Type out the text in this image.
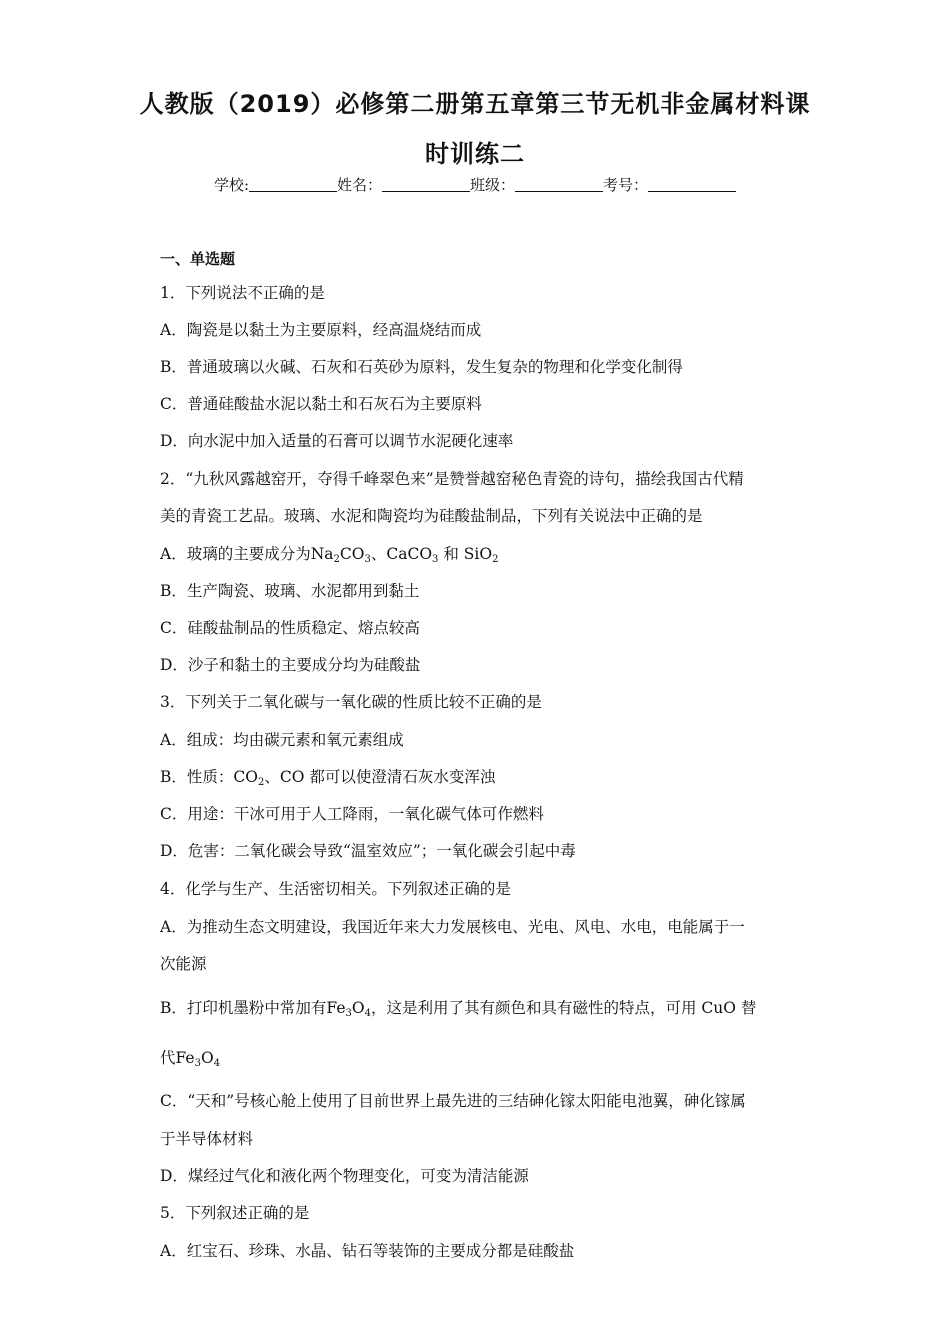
人教版（2019）必修第二册第五章第三节无机非金属材料课
时训练二
学校:	姓名：	班级：	考号：
一、单选题
1．下列说法不正确的是
A．陶瓷是以黏土为主要原料，经高温烧结而成
B．普通玻璃以火碱、石灰和石英砂为原料，发生复杂的物理和化学变化制得
C．普通硅酸盐水泥以黏土和石灰石为主要原料
D．向水泥中加入适量的石膏可以调节水泥硬化速率
2．“九秋风露越窑开，夺得千峰翠色来”是赞誉越窑秘色青瓷的诗句，描绘我国古代精
美的青瓷工艺品。玻璃、水泥和陶瓷均为硅酸盐制品，下列有关说法中正确的是
A．玻璃的主要成分为$Na_2CO_3$、CaCO$_3$ 和 SiO$_2$
B．生产陶瓷、玻璃、水泥都用到黏土
C．硅酸盐制品的性质稳定、熔点较高
D．沙子和黏土的主要成分均为硅酸盐
3．下列关于二氧化碳与一氧化碳的性质比较不正确的是
A．组成：均由碳元素和氧元素组成
B．性质：$CO_2$、CO 都可以使澄清石灰水变浑浊
C．用途：干冰可用于人工降雨，一氧化碳气体可作燃料
D．危害：二氧化碳会导致“温室效应”；一氧化碳会引起中毒
4．化学与生产、生活密切相关。下列叙述正确的是
A．为推动生态文明建设，我国近年来大力发展核电、光电、风电、水电，电能属于一
次能源
B．打印机墨粉中常加有$Fe_3O_4$，这是利用了其有颜色和具有磁性的特点，可用 CuO 替
代$Fe_3O_4$
C．“天和”号核心舱上使用了目前世界上最先进的三结砷化镓太阳能电池翼，砷化镓属
于半导体材料
D．煤经过气化和液化两个物理变化，可变为清洁能源
5．下列叙述正确的是
A．红宝石、珍珠、水晶、钻石等装饰的主要成分都是硅酸盐
